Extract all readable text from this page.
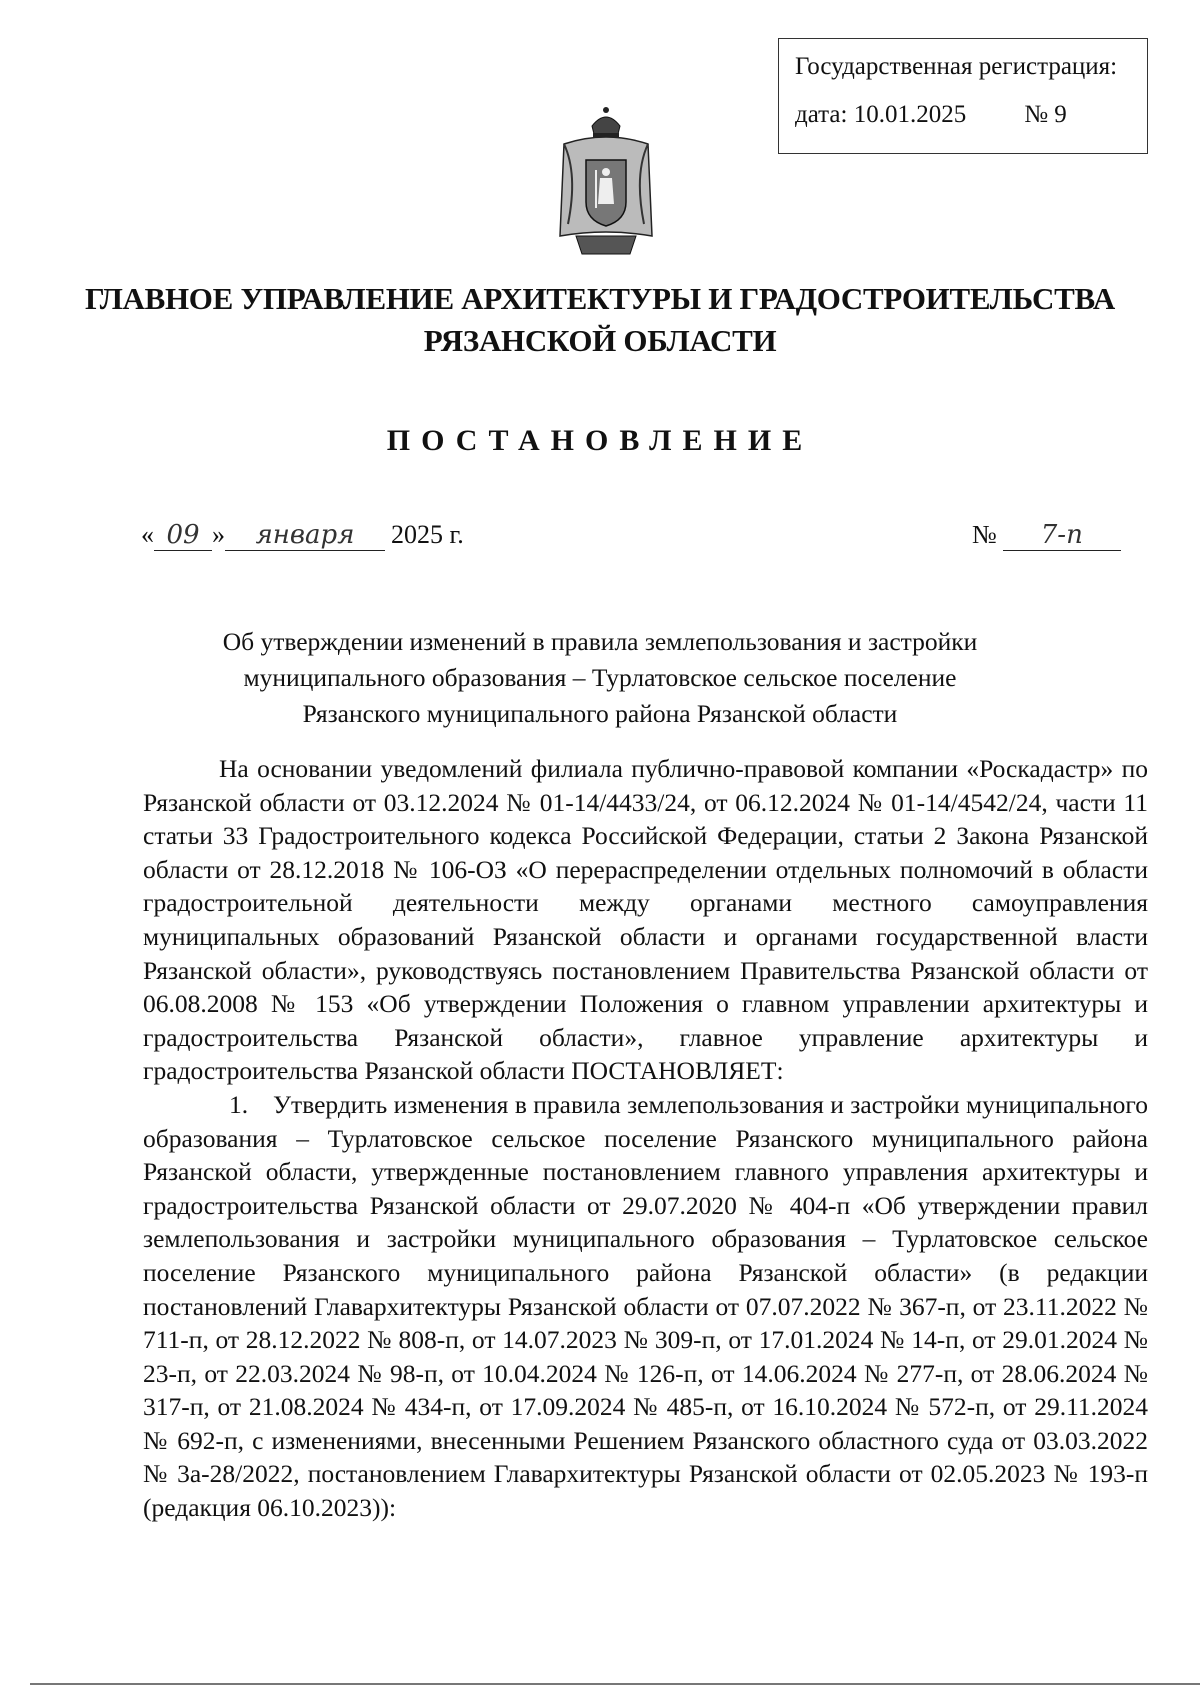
Государственная регистрация:
дата: 10.01.2025 № 9
ГЛАВНОЕ УПРАВЛЕНИЕ АРХИТЕКТУРЫ И ГРАДОСТРОИТЕЛЬСТВА
РЯЗАНСКОЙ ОБЛАСТИ
ПОСТАНОВЛЕНИЕ
« 09 » января 2025 г.	№ 7-п
Об утверждении изменений в правила землепользования и застройки
муниципального образования – Турлатовское сельское поселение
Рязанского муниципального района Рязанской области

На основании уведомлений филиала публично-правовой компании «Роскадастр» по Рязанской области от 03.12.2024 № 01-14/4433/24, от 06.12.2024 № 01-14/4542/24, части 11 статьи 33 Градостроительного кодекса Российской Федерации, статьи 2 Закона Рязанской области от 28.12.2018 № 106-ОЗ «О перераспределении отдельных полномочий в области градостроительной деятельности между органами местного самоуправления муниципальных образований Рязанской области и органами государственной власти Рязанской области», руководствуясь постановлением Правительства Рязанской области от 06.08.2008 № 153 «Об утверждении Положения о главном управлении архитектуры и градостроительства Рязанской области», главное управление архитектуры и градостроительства Рязанской области ПОСТАНОВЛЯЕТ:

1. Утвердить изменения в правила землепользования и застройки муниципального образования – Турлатовское сельское поселение Рязанского муниципального района Рязанской области, утвержденные постановлением главного управления архитектуры и градостроительства Рязанской области от 29.07.2020 № 404-п «Об утверждении правил землепользования и застройки муниципального образования – Турлатовское сельское поселение Рязанского муниципального района Рязанской области» (в редакции постановлений Главархитектуры Рязанской области от 07.07.2022 № 367-п, от 23.11.2022 № 711-п, от 28.12.2022 № 808-п, от 14.07.2023 № 309-п, от 17.01.2024 № 14-п, от 29.01.2024 № 23-п, от 22.03.2024 № 98-п, от 10.04.2024 № 126-п, от 14.06.2024 № 277-п, от 28.06.2024 № 317-п, от 21.08.2024 № 434-п, от 17.09.2024 № 485-п, от 16.10.2024 № 572-п, от 29.11.2024 № 692-п, с изменениями, внесенными Решением Рязанского областного суда от 03.03.2022 № 3а-28/2022, постановлением Главархитектуры Рязанской области от 02.05.2023 № 193-п (редакция 06.10.2023)):
